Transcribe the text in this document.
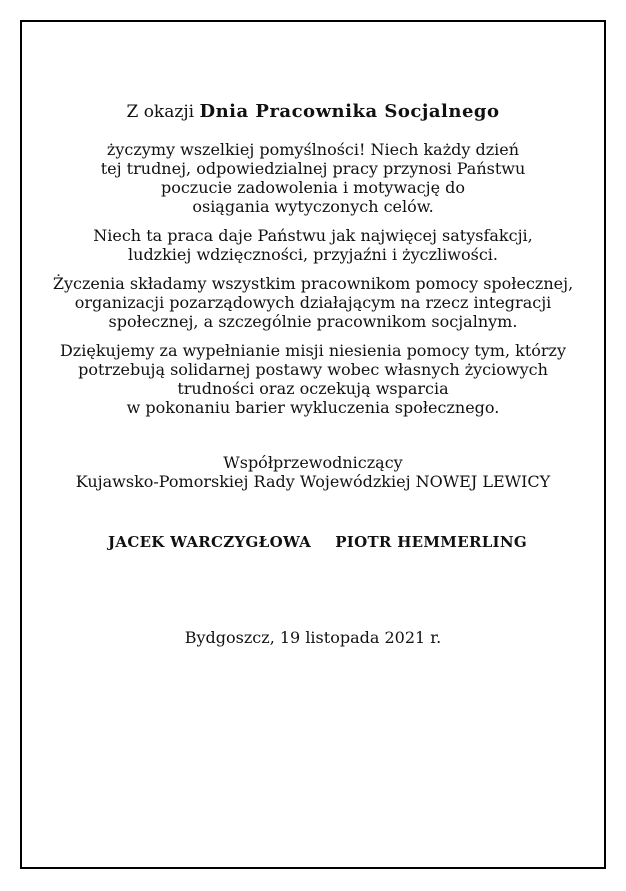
Z okazji Dnia Pracownika Socjalnego
życzymy wszelkiej pomyślności! Niech każdy dzień
tej trudnej, odpowiedzialnej pracy przynosi Państwu
poczucie zadowolenia i motywację do
osiągania wytyczonych celów.
Niech ta praca daje Państwu jak najwięcej satysfakcji,
ludzkiej wdzięczności, przyjaźni i życzliwości.
Życzenia składamy wszystkim pracownikom pomocy społecznej,
organizacji pozarządowych działającym na rzecz integracji
społecznej, a szczególnie pracownikom socjalnym.
Dziękujemy za wypełnianie misji niesienia pomocy tym, którzy
potrzebują solidarnej postawy wobec własnych życiowych
trudności oraz oczekują wsparcia
w pokonaniu barier wykluczenia społecznego.
Współprzewodniczący
Kujawsko-Pomorskiej Rady Wojewódzkiej NOWEJ LEWICY
JACEK WARCZYGŁOWA PIOTR HEMMERLING
Bydgoszcz, 19 listopada 2021 r.
